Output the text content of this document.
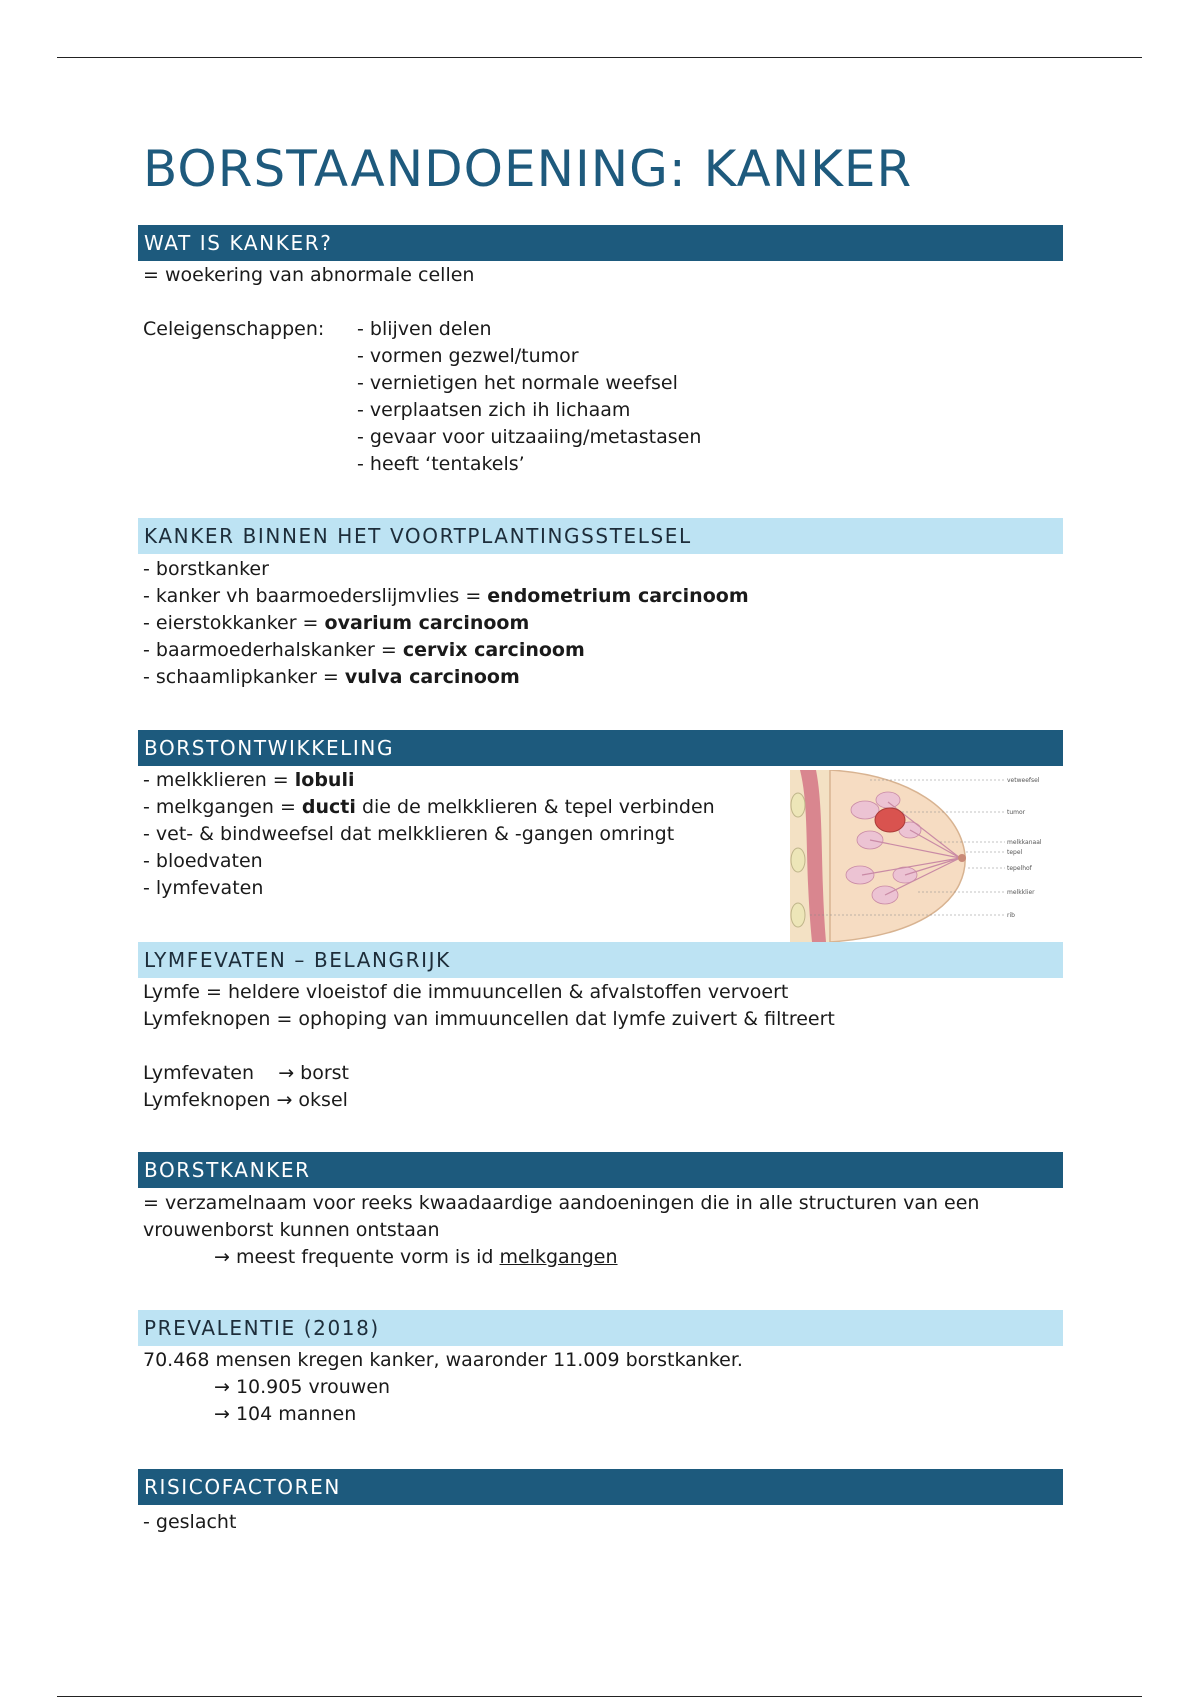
BORSTAANDOENING: KANKER
WAT IS KANKER?
= woekering van abnormale cellen
Celeigenschappen: - blijven delen
- vormen gezwel/tumor
- vernietigen het normale weefsel
- verplaatsen zich ih lichaam
- gevaar voor uitzaaiing/metastasen
- heeft ‘tentakels’
KANKER BINNEN HET VOORTPLANTINGSSTELSEL
- borstkanker
- kanker vh baarmoederslijmvlies = endometrium carcinoom
- eierstokkanker = ovarium carcinoom
- baarmoederhalskanker = cervix carcinoom
- schaamlipkanker = vulva carcinoom
BORSTONTWIKKELING
- melkklieren = lobuli
- melkgangen = ducti die de melkklieren & tepel verbinden
- vet- & bindweefsel dat melkklieren & -gangen omringt
- bloedvaten
- lymfevaten
vetweefsel
tumor
melkkanaal
tepel
tepelhof
melkklier
rib
LYMFEVATEN – BELANGRIJK
Lymfe = heldere vloeistof die immuuncellen & afvalstoffen vervoert
Lymfeknopen = ophoping van immuuncellen dat lymfe zuivert & filtreert
Lymfevaten    → borst
Lymfeknopen → oksel
BORSTKANKER
= verzamelnaam voor reeks kwaadaardige aandoeningen die in alle structuren van een
vrouwenborst kunnen ontstaan
→ meest frequente vorm is id melkgangen
PREVALENTIE (2018)
70.468 mensen kregen kanker, waaronder 11.009 borstkanker.
→ 10.905 vrouwen
→ 104 mannen
RISICOFACTOREN
- geslacht
